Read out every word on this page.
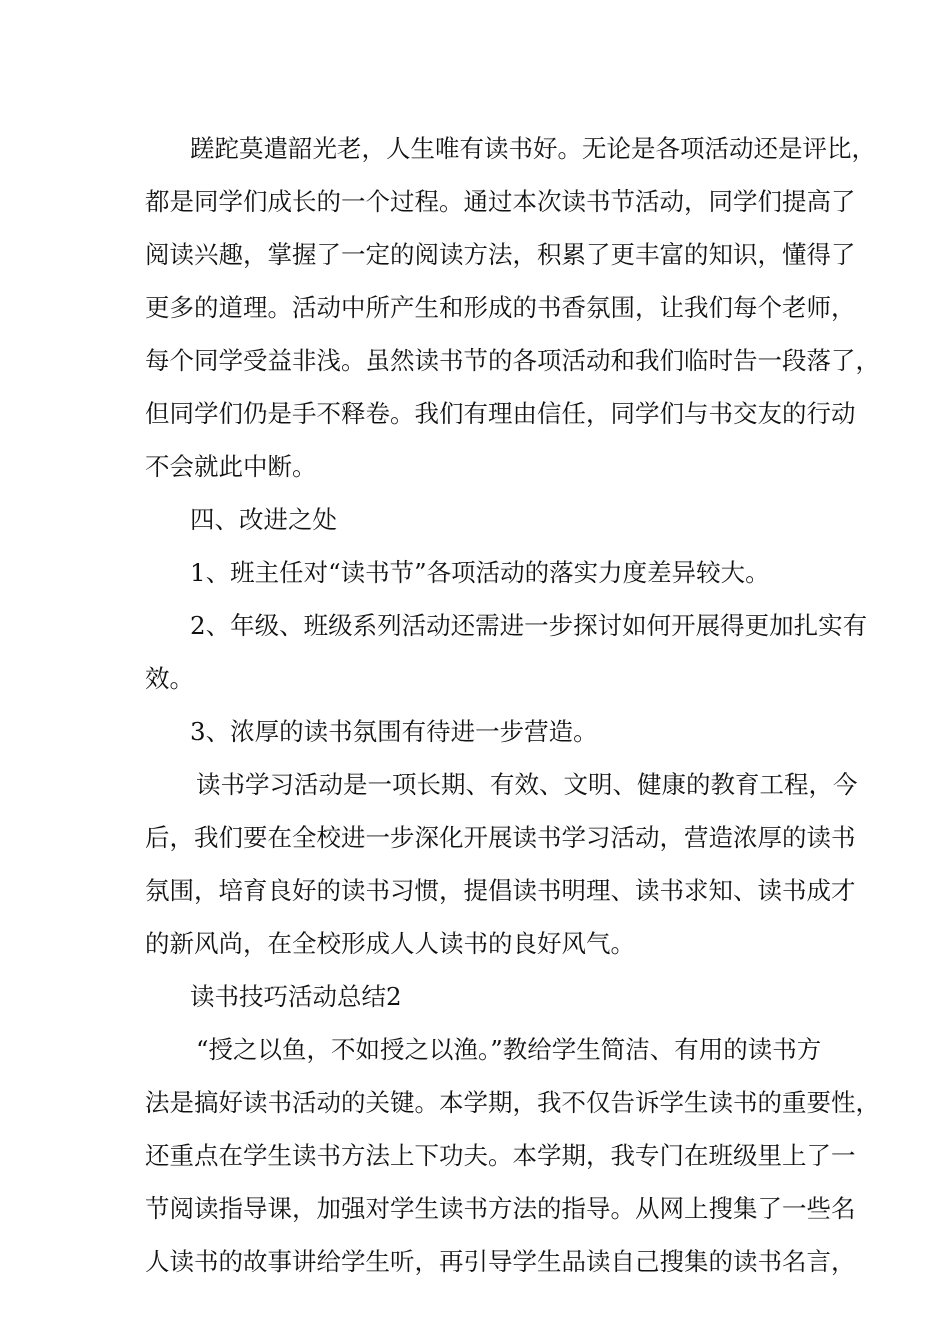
蹉跎莫遣韶光老，人生唯有读书好。无论是各项活动还是评比，
都是同学们成长的一个过程。通过本次读书节活动，同学们提高了
阅读兴趣，掌握了一定的阅读方法，积累了更丰富的知识，懂得了
更多的道理。活动中所产生和形成的书香氛围，让我们每个老师，
每个同学受益非浅。虽然读书节的各项活动和我们临时告一段落了，
但同学们仍是手不释卷。我们有理由信任，同学们与书交友的行动
不会就此中断。
四、改进之处
1、班主任对“读书节”各项活动的落实力度差异较大。
2、年级、班级系列活动还需进一步探讨如何开展得更加扎实有
效。
3、浓厚的读书氛围有待进一步营造。
读书学习活动是一项长期、有效、文明、健康的教育工程，今
后，我们要在全校进一步深化开展读书学习活动，营造浓厚的读书
氛围，培育良好的读书习惯，提倡读书明理、读书求知、读书成才
的新风尚，在全校形成人人读书的良好风气。
读书技巧活动总结2
“授之以鱼，不如授之以渔。”教给学生简洁、有用的读书方
法是搞好读书活动的关键。本学期，我不仅告诉学生读书的重要性，
还重点在学生读书方法上下功夫。本学期，我专门在班级里上了一
节阅读指导课，加强对学生读书方法的指导。从网上搜集了一些名
人读书的故事讲给学生听，再引导学生品读自己搜集的读书名言，
